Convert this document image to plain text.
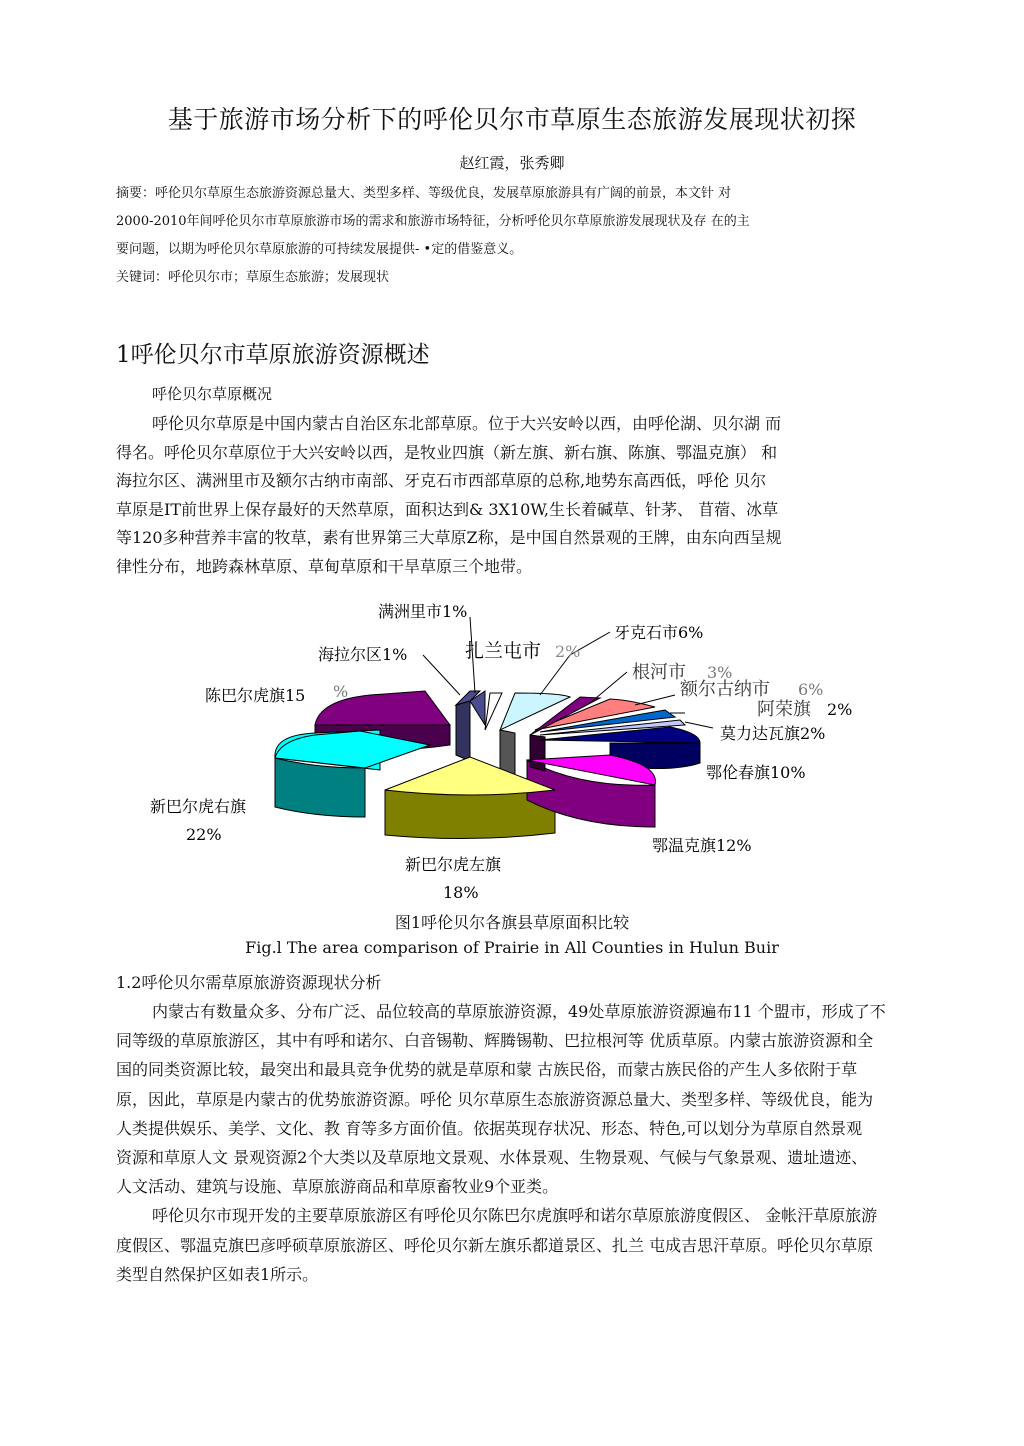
基于旅游市场分析下的呼伦贝尔市草原生态旅游发展现状初探
赵红霞，张秀卿

摘要：呼伦贝尔草原生态旅游资源总量大、类型多样、等级优良，发展草原旅游具有广阔的前景，本文针 对

2000-2010年间呼伦贝尔市草原旅游市场的需求和旅游市场特征，分析呼伦贝尔草原旅游发展现状及存 在的主

要问题，以期为呼伦贝尔草原旅游的可持续发展提供- •定的借鉴意义。

关键词：呼伦贝尔市；草原生态旅游；发展现状

1呼伦贝尔市草原旅游资源概述
呼伦贝尔草原概况

呼伦贝尔草原是中国内蒙古自治区东北部草原。位于大兴安岭以西，由呼伦湖、贝尔湖 而

得名。呼伦贝尔草原位于大兴安岭以西，是牧业四旗（新左旗、新右旗、陈旗、鄂温克旗） 和

海拉尔区、满洲里市及额尔古纳市南部、牙克石市西部草原的总称,地势东高西低，呼伦 贝尔

草原是IT前世界上保存最好的天然草原，面积达到& 3X10W,生长着碱草、针茅、 苜蓿、冰草

等120多种营养丰富的牧草，素有世界第三大草原Z称，是中国自然景观的王牌，由东向西呈规

律性分布，地跨森林草原、草甸草原和干旱草原三个地带。

满洲里市1%
扎兰屯市 2%
牙克石市6%
海拉尔区1%
根河市 3%
额尔古纳市 6%
陈巴尔虎旗15 %
阿荣旗 2%
莫力达瓦旗2%
鄂伦春旗10%
新巴尔虎右旗
22%
鄂温克旗12%
新巴尔虎左旗
18%
图1呼伦贝尔各旗县草原面积比较
Fig.l The area comparison of Prairie in All Counties in Hulun Buir
1.2呼伦贝尔需草原旅游资源现状分析

内蒙古有数量众多、分布广泛、品位较高的草原旅游资源，49处草原旅游资源遍布11 个盟市，形成了不

同等级的草原旅游区，其中有呼和诺尔、白音锡勒、辉腾锡勒、巴拉根河等 优质草原。内蒙古旅游资源和全

国的同类资源比较，最突出和最具竞争优势的就是草原和蒙 古族民俗，而蒙古族民俗的产生人多依附于草

原，因此，草原是内蒙古的优势旅游资源。呼伦 贝尔草原生态旅游资源总量大、类型多样、等级优良，能为

人类提供娱乐、美学、文化、教 育等多方面价值。依据英现存状况、形态、特色,可以划分为草原自然景观

资源和草原人文 景观资源2个大类以及草原地文景观、水体景观、生物景观、气候与气象景观、遗址遗迹、

人文活动、建筑与设施、草原旅游商品和草原畜牧业9个亚类。

呼伦贝尔市现开发的主要草原旅游区有呼伦贝尔陈巴尔虎旗呼和诺尔草原旅游度假区、 金帐汗草原旅游

度假区、鄂温克旗巴彦呼硕草原旅游区、呼伦贝尔新左旗乐都道景区、扎兰 屯成吉思汗草原。呼伦贝尔草原

类型自然保护区如表1所示。
